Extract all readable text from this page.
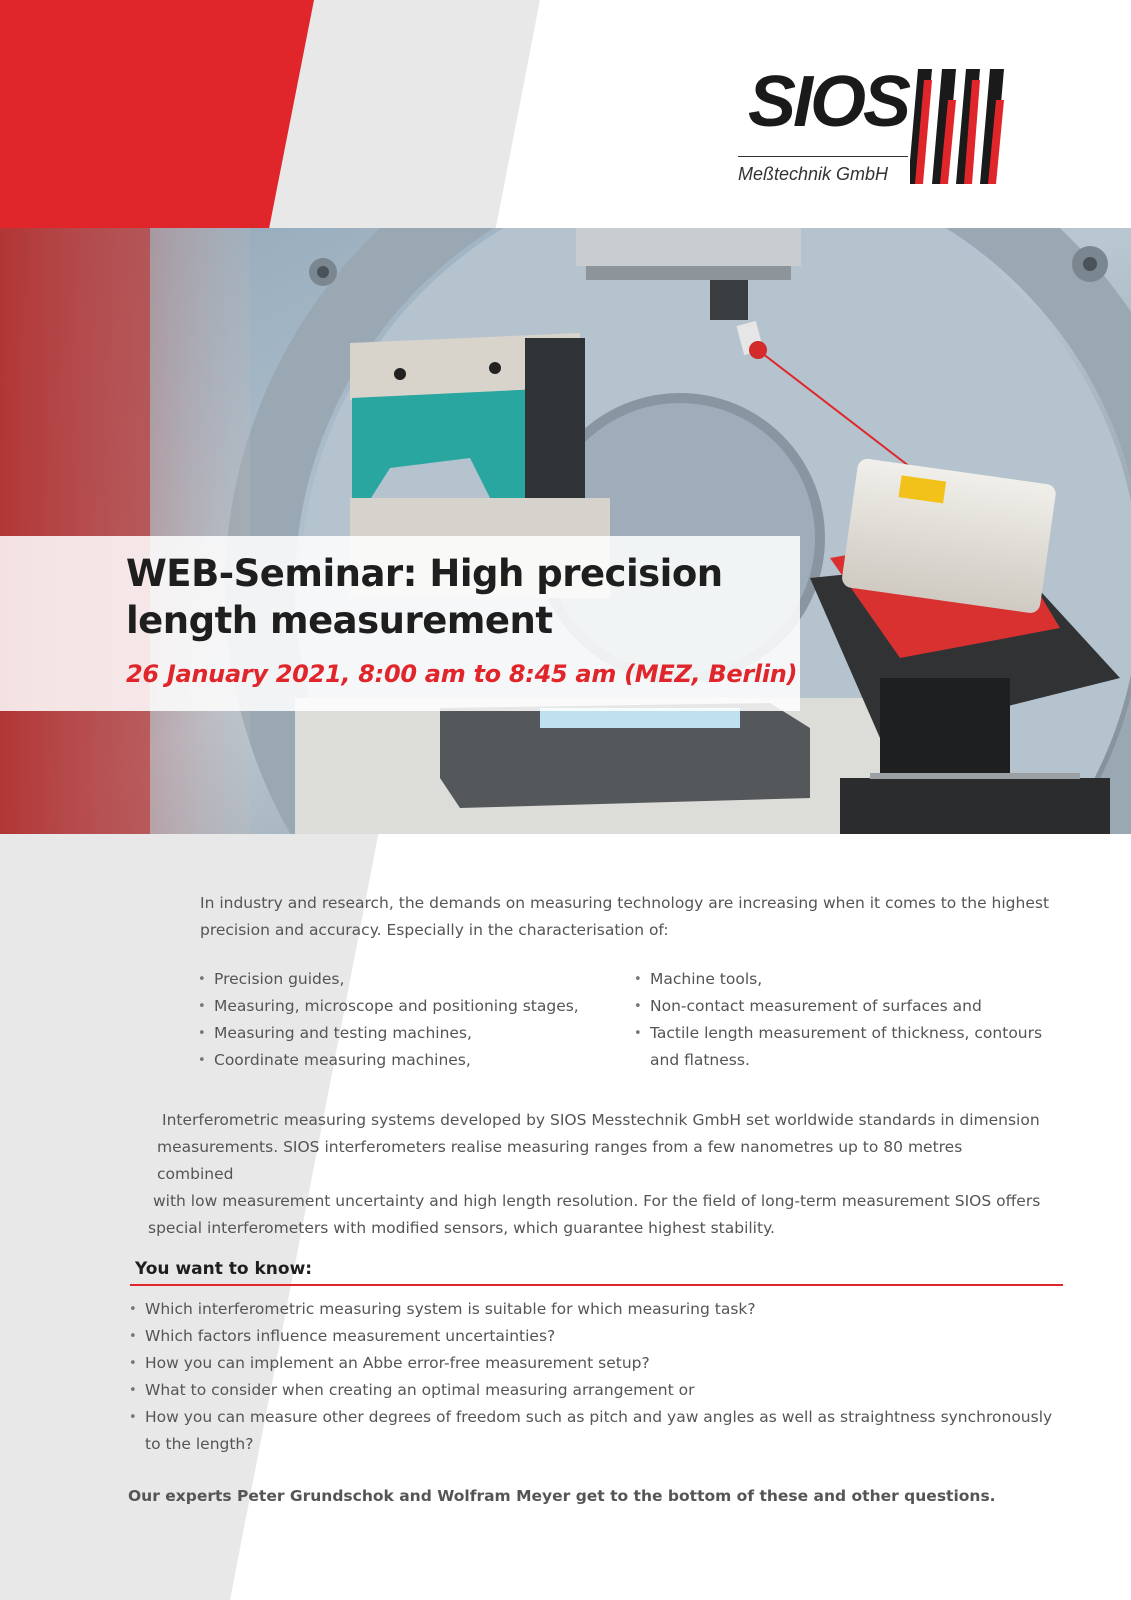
SIOS
Meßtechnik GmbH
WEB-Seminar: High precision length measurement
26 January 2021, 8:00 am to 8:45 am (MEZ, Berlin)

In industry and research, the demands on measuring technology are increasing when it comes to the highest precision and accuracy. Especially in the characterisation of:

• Precision guides,
• Measuring, microscope and positioning stages,
• Measuring and testing machines,
• Coordinate measuring machines,
• Machine tools,
• Non-contact measurement of surfaces and
• Tactile length measurement of thickness, contours and flatness.

Interferometric measuring systems developed by SIOS Messtechnik GmbH set worldwide standards in dimension
measurements. SIOS interferometers realise measuring ranges from a few nanometres up to 80 metres combined
with low measurement uncertainty and high length resolution. For the field of long-term measurement SIOS offers
special interferometers with modified sensors, which guarantee highest stability.

You want to know:
• Which interferometric measuring system is suitable for which measuring task?
• Which factors influence measurement uncertainties?
• How you can implement an Abbe error-free measurement setup?
• What to consider when creating an optimal measuring arrangement or
• How you can measure other degrees of freedom such as pitch and yaw angles as well as straightness synchronously to the length?
Our experts Peter Grundschok and Wolfram Meyer get to the bottom of these and other questions.
